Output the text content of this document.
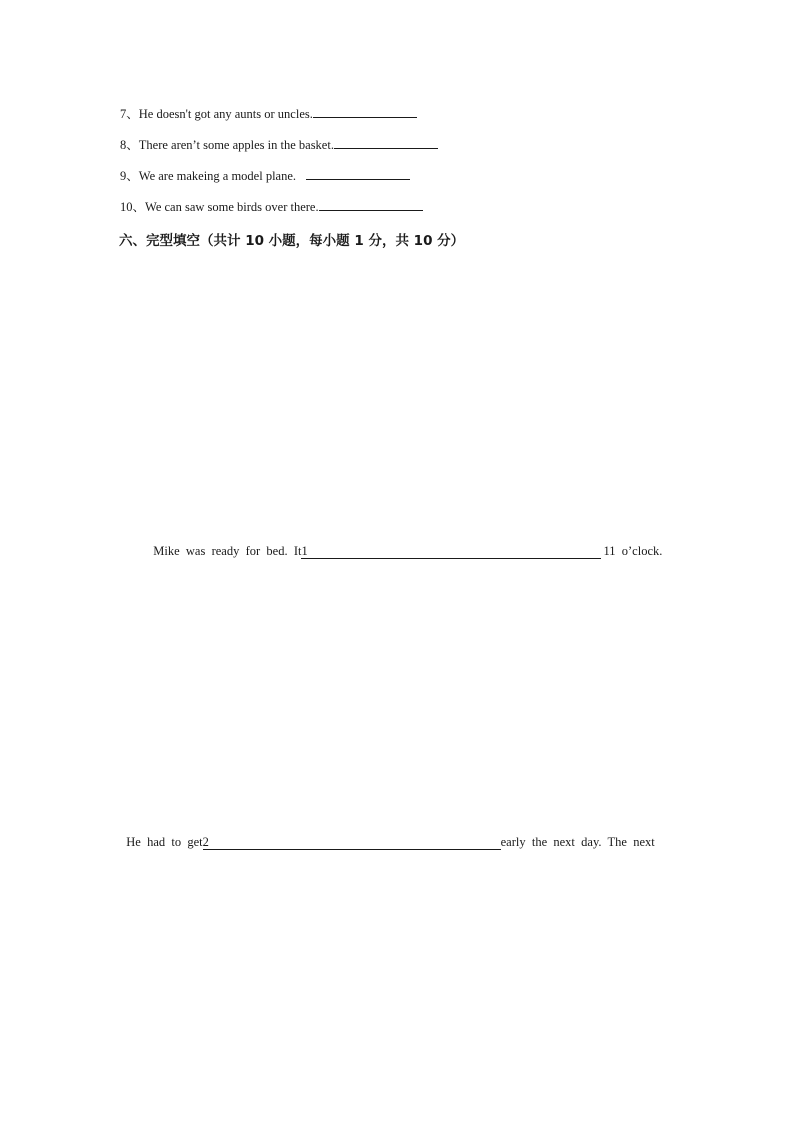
7、He doesn't got any aunts or uncles.
8、There aren’t some apples in the basket.
9、We are makeing a model plane.
10、We can saw some birds over there.
六、完型填空（共计 10 小题，每小题 1 分，共 10 分）

Mike  was  ready  for  bed.  It1	11  o’clock.

He  had  to  get2	early  the  next  day.  The  next
